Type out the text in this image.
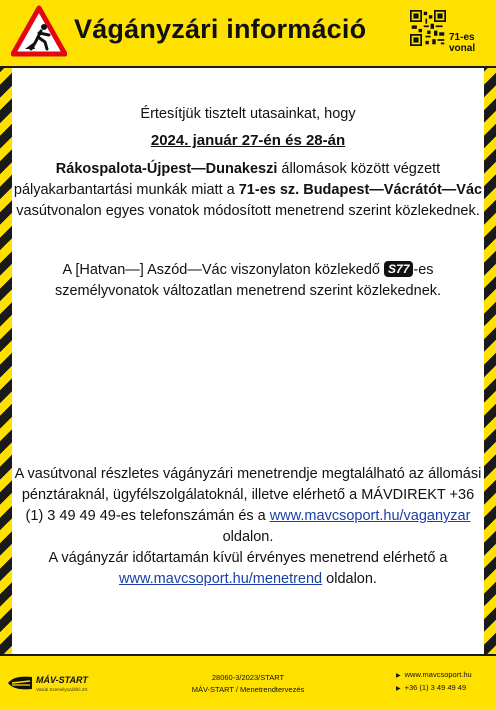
Vágányzári információ	71-es
vonal
Értesítjük tisztelt utasainkat, hogy
2024. január 27-én és 28-án
Rákospalota-Újpest—Dunakeszi állomások között végzett pályakarbantartási munkák miatt a 71-es sz. Budapest—Vácrátót—Vác vasútvonalon egyes vonatok módosított menetrend szerint közlekednek.
A [Hatvan—] Aszód—Vác viszonylaton közlekedő S77 -es személyvonatok változatlan menetrend szerint közlekednek.
A vasútvonal részletes vágányzári menetrendje megtalálható az állomási pénztáraknál, ügyfélszolgálatoknál, illetve elérhető a MÁVDIREKT +36 (1) 3 49 49 49-es telefonszámán és a www.mavcsoport.hu/vaganyzar oldalon.
A vágányzár időtartamán kívül érvényes menetrend elérhető a www.mavcsoport.hu/menetrend oldalon.
MÁV-START
Vasúti Személyszállító Zrt.
28060-3/2023/START
MÁV-START / Menetrendtervezés
▶ www.mavcsoport.hu
▶ +36 (1) 3 49 49 49
